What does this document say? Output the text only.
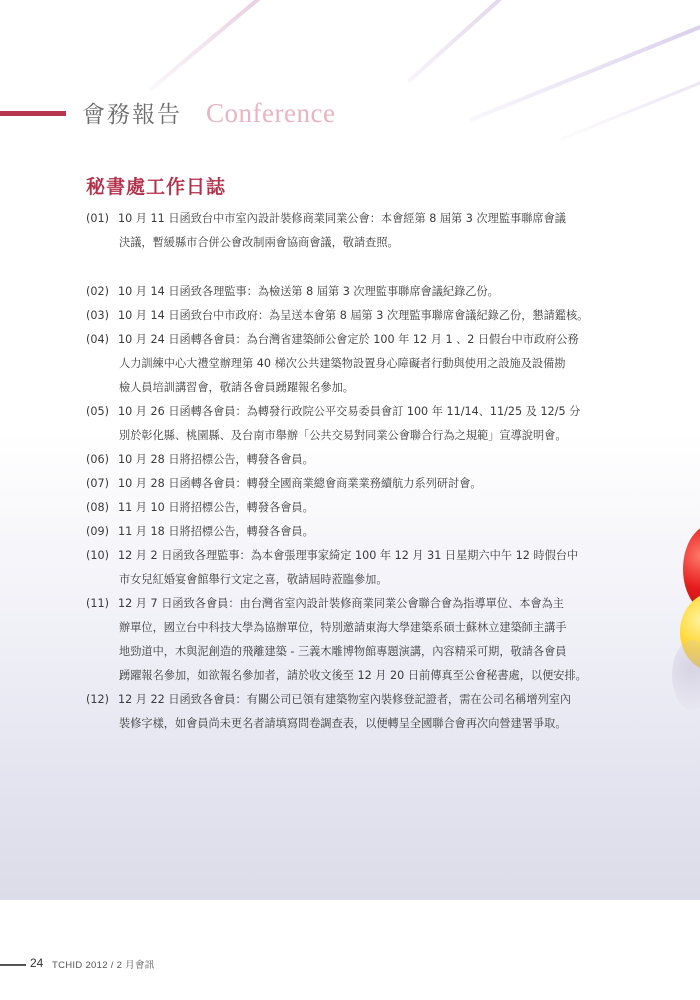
會務報告 Conference
秘書處工作日誌
(01) 10 月 11 日函致台中市室內設計裝修商業同業公會：本會經第 8 屆第 3 次理監事聯席會議
決議，暫緩縣市合併公會改制兩會協商會議，敬請查照。
(02) 10 月 14 日函致各理監事：為檢送第 8 屆第 3 次理監事聯席會議紀錄乙份。
(03) 10 月 14 日函致台中市政府：為呈送本會第 8 屆第 3 次理監事聯席會議紀錄乙份，懇請鑑核。
(04) 10 月 24 日函轉各會員：為台灣省建築師公會定於 100 年 12 月 1 、2 日假台中市政府公務
人力訓練中心大禮堂辦理第 40 梯次公共建築物設置身心障礙者行動與使用之設施及設備勘
檢人員培訓講習會，敬請各會員踴躍報名參加。
(05) 10 月 26 日函轉各會員：為轉發行政院公平交易委員會訂 100 年 11/14、11/25 及 12/5 分
別於彰化縣、桃園縣、及台南市舉辦「公共交易對同業公會聯合行為之規範」宣導說明會。
(06) 10 月 28 日將招標公告，轉發各會員。
(07) 10 月 28 日函轉各會員：轉發全國商業總會商業業務續航力系列研討會。
(08) 11 月 10 日將招標公告，轉發各會員。
(09) 11 月 18 日將招標公告，轉發各會員。
(10) 12 月 2 日函致各理監事：為本會張理事家綺定 100 年 12 月 31 日星期六中午 12 時假台中
市女兒紅婚宴會館舉行文定之喜，敬請屆時蒞臨參加。
(11) 12 月 7 日函致各會員：由台灣省室內設計裝修商業同業公會聯合會為指導單位、本會為主
辦單位，國立台中科技大學為協辦單位，特別邀請東海大學建築系碩士蘇林立建築師主講手
地勁道中，木與泥創造的飛離建築 - 三義木雕博物館專題演講，內容精采可期，敬請各會員
踴躍報名參加，如欲報名參加者，請於收文後至 12 月 20 日前傳真至公會秘書處，以便安排。
(12) 12 月 22 日函致各會員：有關公司已領有建築物室內裝修登記證者，需在公司名稱增列室內
裝修字樣，如會員尚未更名者請填寫問卷調查表，以便轉呈全國聯合會再次向營建署爭取。
24 TCHID 2012 / 2 月會訊
